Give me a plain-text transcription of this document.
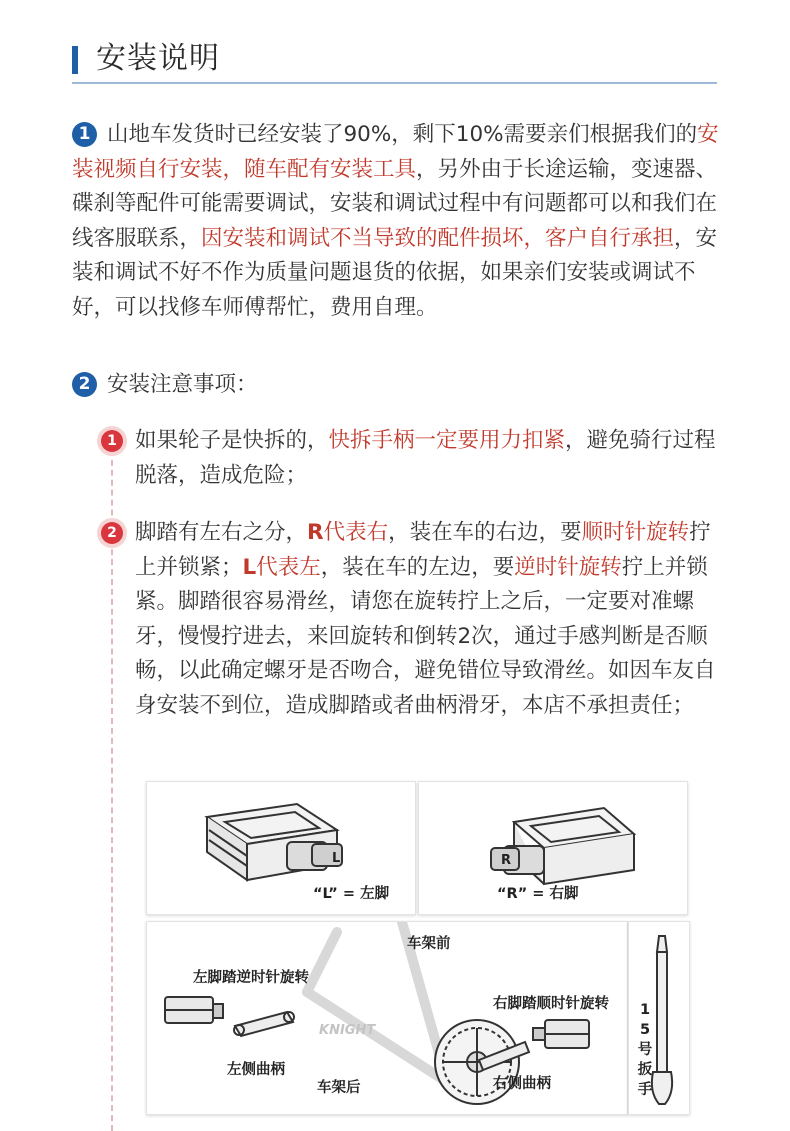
安装说明
1 山地车发货时已经安装了90%，剩下10%需要亲们根据我们的安装视频自行安装，随车配有安装工具，另外由于长途运输，变速器、碟刹等配件可能需要调试，安装和调试过程中有问题都可以和我们在线客服联系，因安装和调试不当导致的配件损坏，客户自行承担，安装和调试不好不作为质量问题退货的依据，如果亲们安装或调试不好，可以找修车师傅帮忙，费用自理。
2 安装注意事项：
1 如果轮子是快拆的，快拆手柄一定要用力扣紧，避免骑行过程脱落，造成危险；
2 脚踏有左右之分，R代表右，装在车的右边，要顺时针旋转拧上并锁紧；L代表左，装在车的左边，要逆时针旋转拧上并锁紧。脚踏很容易滑丝，请您在旋转拧上之后，一定要对准螺牙，慢慢拧进去，来回旋转和倒转2次，通过手感判断是否顺畅，以此确定螺牙是否吻合，避免错位导致滑丝。如因车友自身安装不到位，造成脚踏或者曲柄滑牙，本店不承担责任；
L
“L” = 左脚
R
“R” = 右脚
KNIGHT
车架前
左脚踏逆时针旋转
右脚踏顺时针旋转
左侧曲柄
右侧曲柄
车架后
15号扳手
